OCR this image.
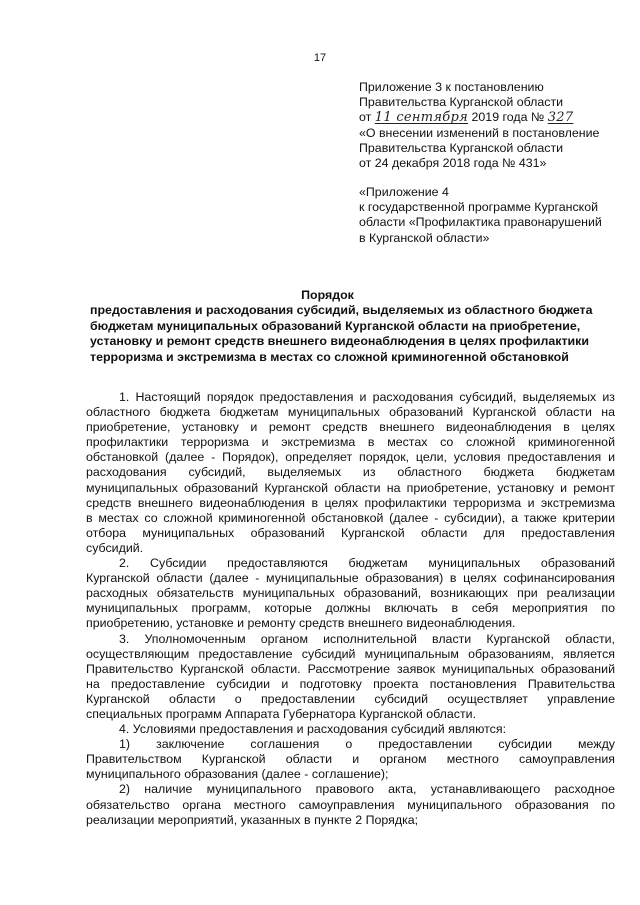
17
Приложение 3 к постановлению
Правительства Курганской области
от 11 сентября 2019 года № 327
«О внесении изменений в постановление
Правительства Курганской области
от 24 декабря 2018 года № 431»
«Приложение 4
к государственной программе Курганской
области «Профилактика правонарушений
в Курганской области»
Порядок
предоставления и расходования субсидий, выделяемых из областного бюджета
бюджетам муниципальных образований Курганской области на приобретение,
установку и ремонт средств внешнего видеонаблюдения в целях профилактики
терроризма и экстремизма в местах со сложной криминогенной обстановкой
1. Настоящий порядок предоставления и расходования субсидий, выделяемых из
областного бюджета бюджетам муниципальных образований Курганской области на
приобретение, установку и ремонт средств внешнего видеонаблюдения в целях
профилактики терроризма и экстремизма в местах со сложной криминогенной
обстановкой (далее - Порядок), определяет порядок, цели, условия предоставления и
расходования субсидий, выделяемых из областного бюджета бюджетам
муниципальных образований Курганской области на приобретение, установку и ремонт
средств внешнего видеонаблюдения в целях профилактики терроризма и экстремизма
в местах со сложной криминогенной обстановкой (далее - субсидии), а также критерии
отбора муниципальных образований Курганской области для предоставления
субсидий.
2. Субсидии предоставляются бюджетам муниципальных образований
Курганской области (далее - муниципальные образования) в целях софинансирования
расходных обязательств муниципальных образований, возникающих при реализации
муниципальных программ, которые должны включать в себя мероприятия по
приобретению, установке и ремонту средств внешнего видеонаблюдения.
3. Уполномоченным органом исполнительной власти Курганской области,
осуществляющим предоставление субсидий муниципальным образованиям, является
Правительство Курганской области. Рассмотрение заявок муниципальных образований
на предоставление субсидии и подготовку проекта постановления Правительства
Курганской области о предоставлении субсидий осуществляет управление
специальных программ Аппарата Губернатора Курганской области.
4. Условиями предоставления и расходования субсидий являются:
1) заключение соглашения о предоставлении субсидии между
Правительством Курганской области и органом местного самоуправления
муниципального образования (далее - соглашение);
2) наличие муниципального правового акта, устанавливающего расходное
обязательство органа местного самоуправления муниципального образования по
реализации мероприятий, указанных в пункте 2 Порядка;
